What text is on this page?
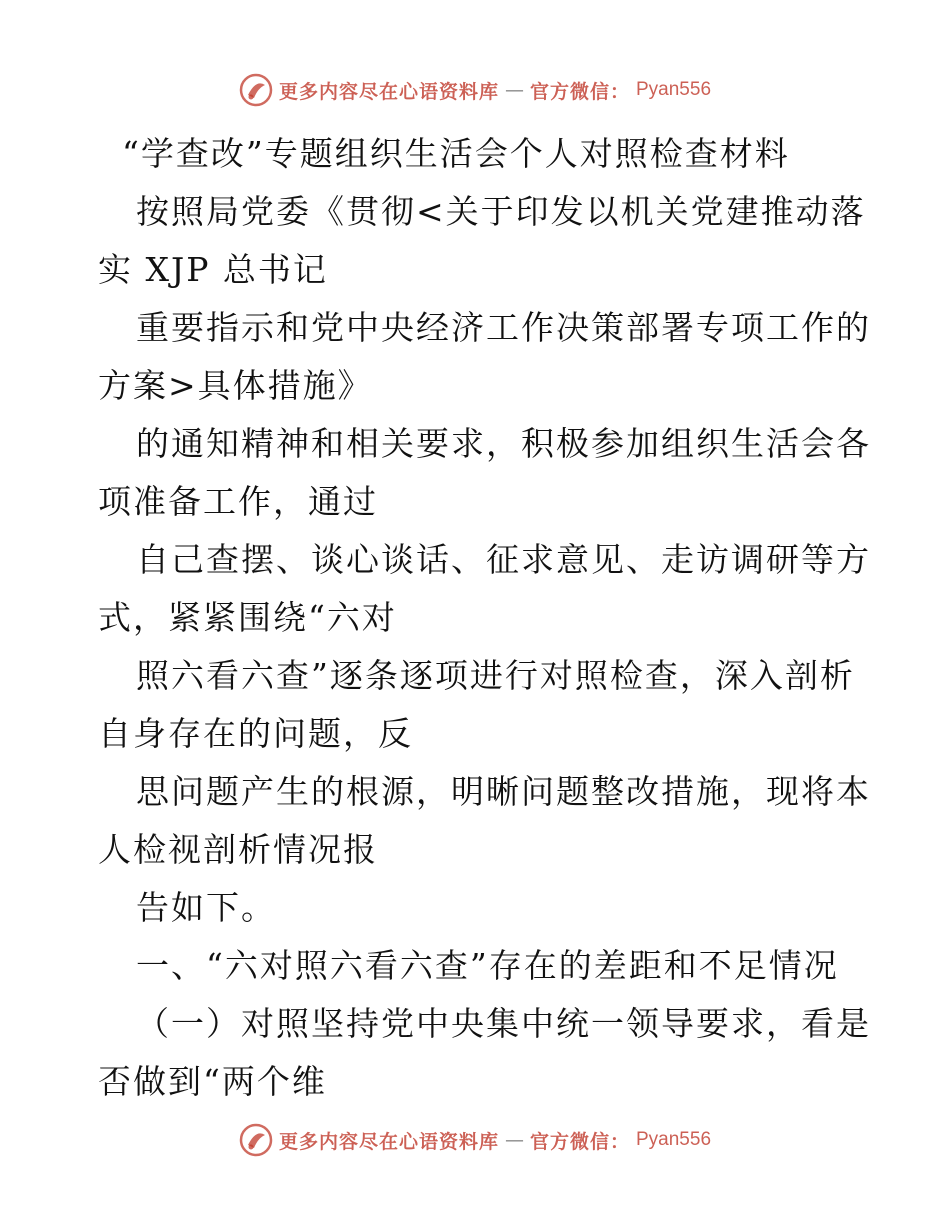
更多内容尽在心语资料库 — 官方微信： Pyan556
“学查改”专题组织生活会个人对照检查材料
按照局党委《贯彻<关于印发以机关党建推动落
实 XJP 总书记
重要指示和党中央经济工作决策部署专项工作的
方案>具体措施》
的通知精神和相关要求，积极参加组织生活会各
项准备工作，通过
自己查摆、谈心谈话、征求意见、走访调研等方
式，紧紧围绕“六对
照六看六查”逐条逐项进行对照检查，深入剖析
自身存在的问题，反
思问题产生的根源，明晰问题整改措施，现将本
人检视剖析情况报
告如下。
一、“六对照六看六查”存在的差距和不足情况
（一）对照坚持党中央集中统一领导要求，看是
否做到“两个维
更多内容尽在心语资料库 — 官方微信： Pyan556
